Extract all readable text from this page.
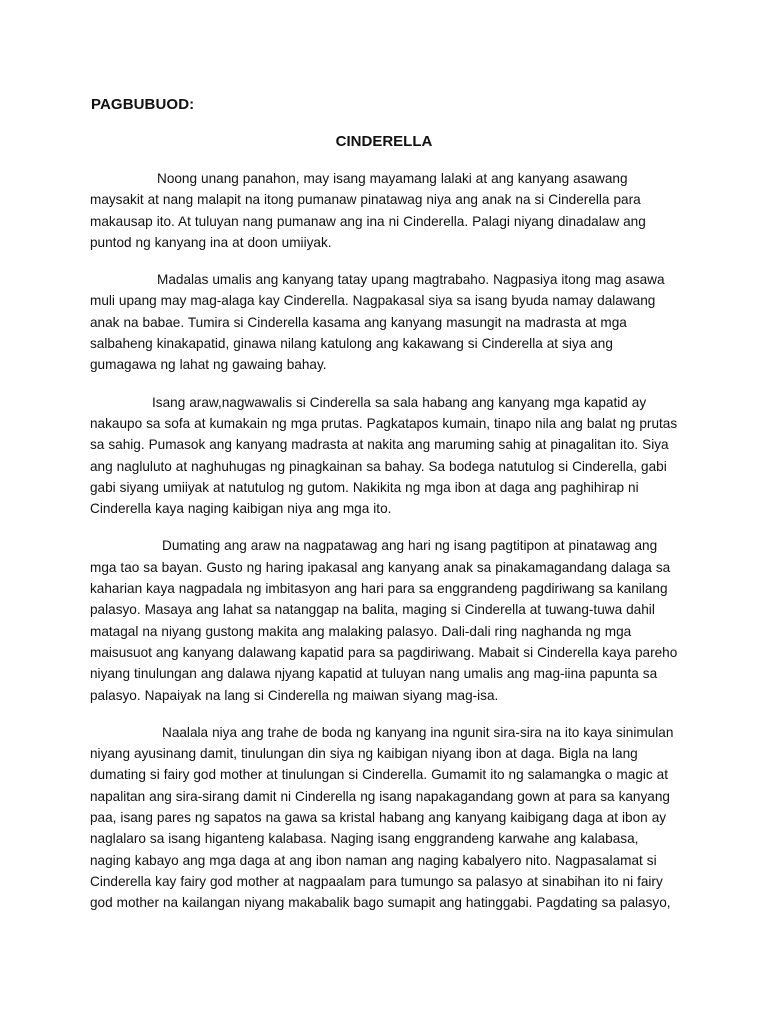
PAGBUBUOD:
CINDERELLA

Noong unang panahon, may isang mayamang lalaki at ang kanyang asawang maysakit at nang malapit na itong pumanaw pinatawag niya ang anak na si Cinderella para makausap ito. At tuluyan nang pumanaw ang ina ni Cinderella. Palagi niyang dinadalaw ang puntod ng kanyang ina at doon umiiyak.

Madalas umalis ang kanyang tatay upang magtrabaho. Nagpasiya itong mag asawa muli upang may mag-alaga kay Cinderella. Nagpakasal siya sa isang byuda namay dalawang anak na babae. Tumira si Cinderella kasama ang kanyang masungit na madrasta at mga salbaheng kinakapatid, ginawa nilang katulong ang kakawang si Cinderella at siya ang gumagawa ng lahat ng gawaing bahay.

Isang araw,nagwawalis si Cinderella sa sala habang ang kanyang mga kapatid ay nakaupo sa sofa at kumakain ng mga prutas. Pagkatapos kumain, tinapo nila ang balat ng prutas sa sahig. Pumasok ang kanyang madrasta at nakita ang maruming sahig at pinagalitan ito. Siya ang nagluluto at naghuhugas ng pinagkainan sa bahay. Sa bodega natutulog si Cinderella, gabi gabi siyang umiiyak at natutulog ng gutom. Nakikita ng mga ibon at daga ang paghihirap ni Cinderella kaya naging kaibigan niya ang mga ito.

Dumating ang araw na nagpatawag ang hari ng isang pagtitipon at pinatawag ang mga tao sa bayan. Gusto ng haring ipakasal ang kanyang anak sa pinakamagandang dalaga sa kaharian kaya nagpadala ng imbitasyon ang hari para sa enggrandeng pagdiriwang sa kanilang palasyo. Masaya ang lahat sa natanggap na balita, maging si Cinderella at tuwang-tuwa dahil matagal na niyang gustong makita ang malaking palasyo. Dali-dali ring naghanda ng mga maisusuot ang kanyang dalawang kapatid para sa pagdiriwang. Mabait si Cinderella kaya pareho niyang tinulungan ang dalawa njyang kapatid at tuluyan nang umalis ang mag-iina papunta sa palasyo. Napaiyak na lang si Cinderella ng maiwan siyang mag-isa.

Naalala niya ang trahe de boda ng kanyang ina ngunit sira-sira na ito kaya sinimulan niyang ayusinang damit, tinulungan din siya ng kaibigan niyang ibon at daga. Bigla na lang dumating si fairy god mother at tinulungan si Cinderella. Gumamit ito ng salamangka o magic at napalitan ang sira-sirang damit ni Cinderella ng isang napakagandang gown at para sa kanyang paa, isang pares ng sapatos na gawa sa kristal habang ang kanyang kaibigang daga at ibon ay naglalaro sa isang higanteng kalabasa. Naging isang enggrandeng karwahe ang kalabasa, naging kabayo ang mga daga at ang ibon naman ang naging kabalyero nito. Nagpasalamat si Cinderella kay fairy god mother at nagpaalam para tumungo sa palasyo at sinabihan ito ni fairy god mother na kailangan niyang makabalik bago sumapit ang hatinggabi. Pagdating sa palasyo,
